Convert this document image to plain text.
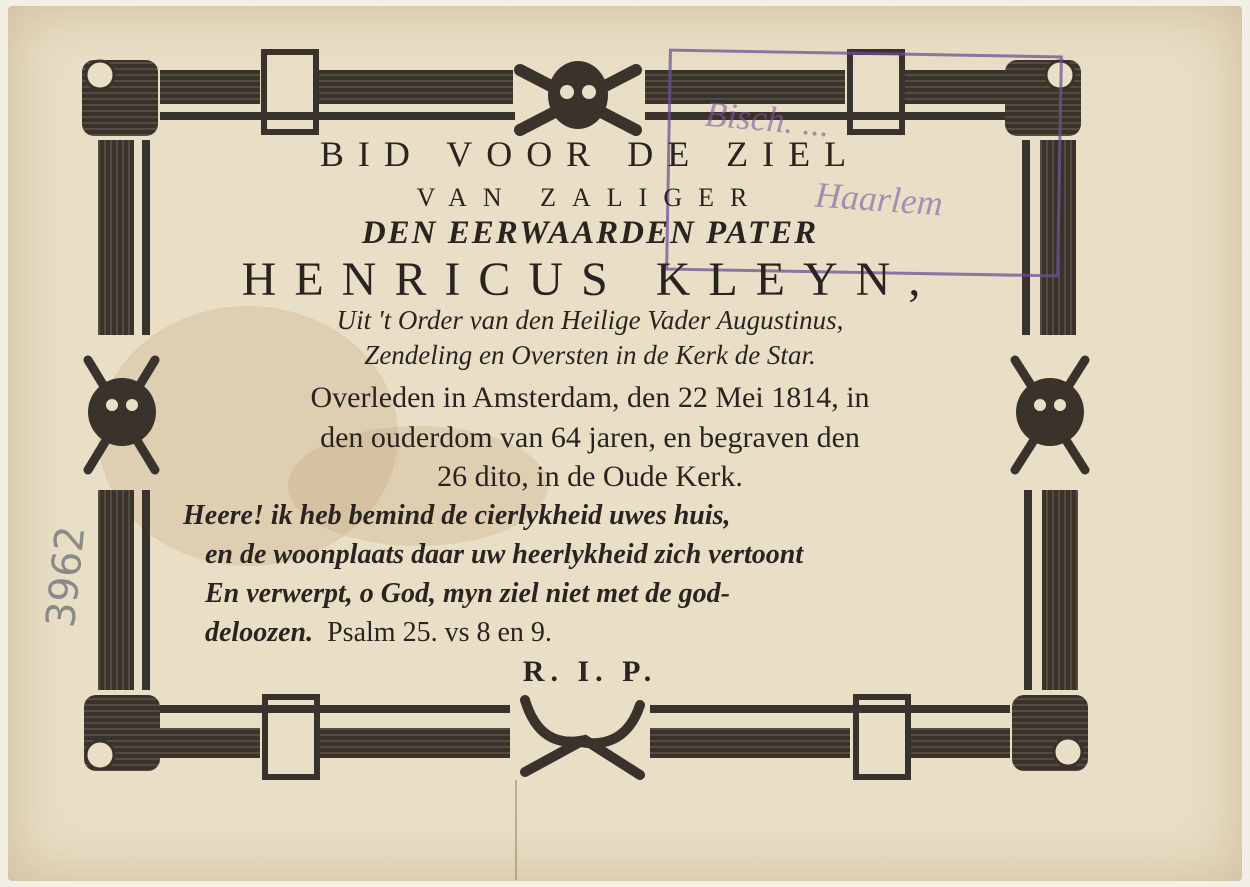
Bisch. ...
Haarlem
BID VOOR DE ZIEL
VAN ZALIGER
DEN EERWAARDEN PATER
HENRICUS KLEYN,
Uit 't Order van den Heilige Vader Augustinus,
Zendeling en Oversten in de Kerk de Star.
Overleden in Amsterdam, den 22 Mei 1814, in
den ouderdom van 64 jaren, en begraven den
26 dito, in de Oude Kerk.
Heere! ik heb bemind de cierlykheid uwes huis,
en de woonplaats daar uw heerlykheid zich vertoont
En verwerpt, o God, myn ziel niet met de god-
deloozen. Psalm 25. vs 8 en 9.
R. I. P.
3962
